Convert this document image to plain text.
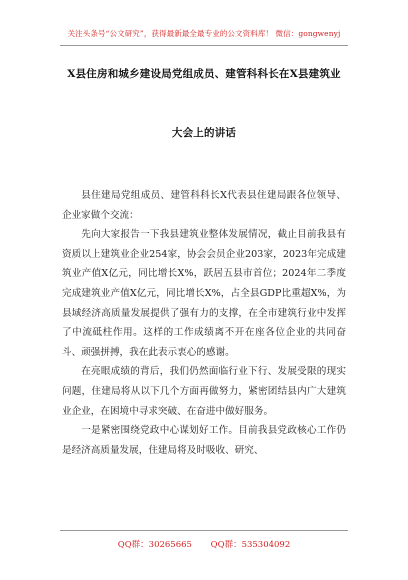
关注头条号“公文研究”，获得最新最全最专业的公文资料库！ 微信：gongwenyj
X县住房和城乡建设局党组成员、建管科科长在X县建筑业
大会上的讲话

县住建局党组成员、建管科科长X代表县住建局跟各位领导、企业家做个交流：

先向大家报告一下我县建筑业整体发展情况，截止目前我县有资质以上建筑业企业254家，协会会员企业203家，2023年完成建筑业产值X亿元，同比增长X%，跃居五县市首位；2024年二季度完成建筑业产值X亿元，同比增长X%，占全县GDP比重超X%，为县域经济高质量发展提供了强有力的支撑，在全市建筑行业中发挥了中流砥柱作用。这样的工作成绩离不开在座各位企业的共同奋斗、顽强拼搏，我在此表示衷心的感谢。

在亮眼成绩的背后，我们仍然面临行业下行、发展受限的现实问题，住建局将从以下几个方面再做努力，紧密团结县内广大建筑业企业，在困境中寻求突破、在奋进中做好服务。

一是紧密围绕党政中心谋划好工作。目前我县党政核心工作仍是经济高质量发展，住建局将及时吸收、研究、

QQ群：30265665 QQ群：535304092
